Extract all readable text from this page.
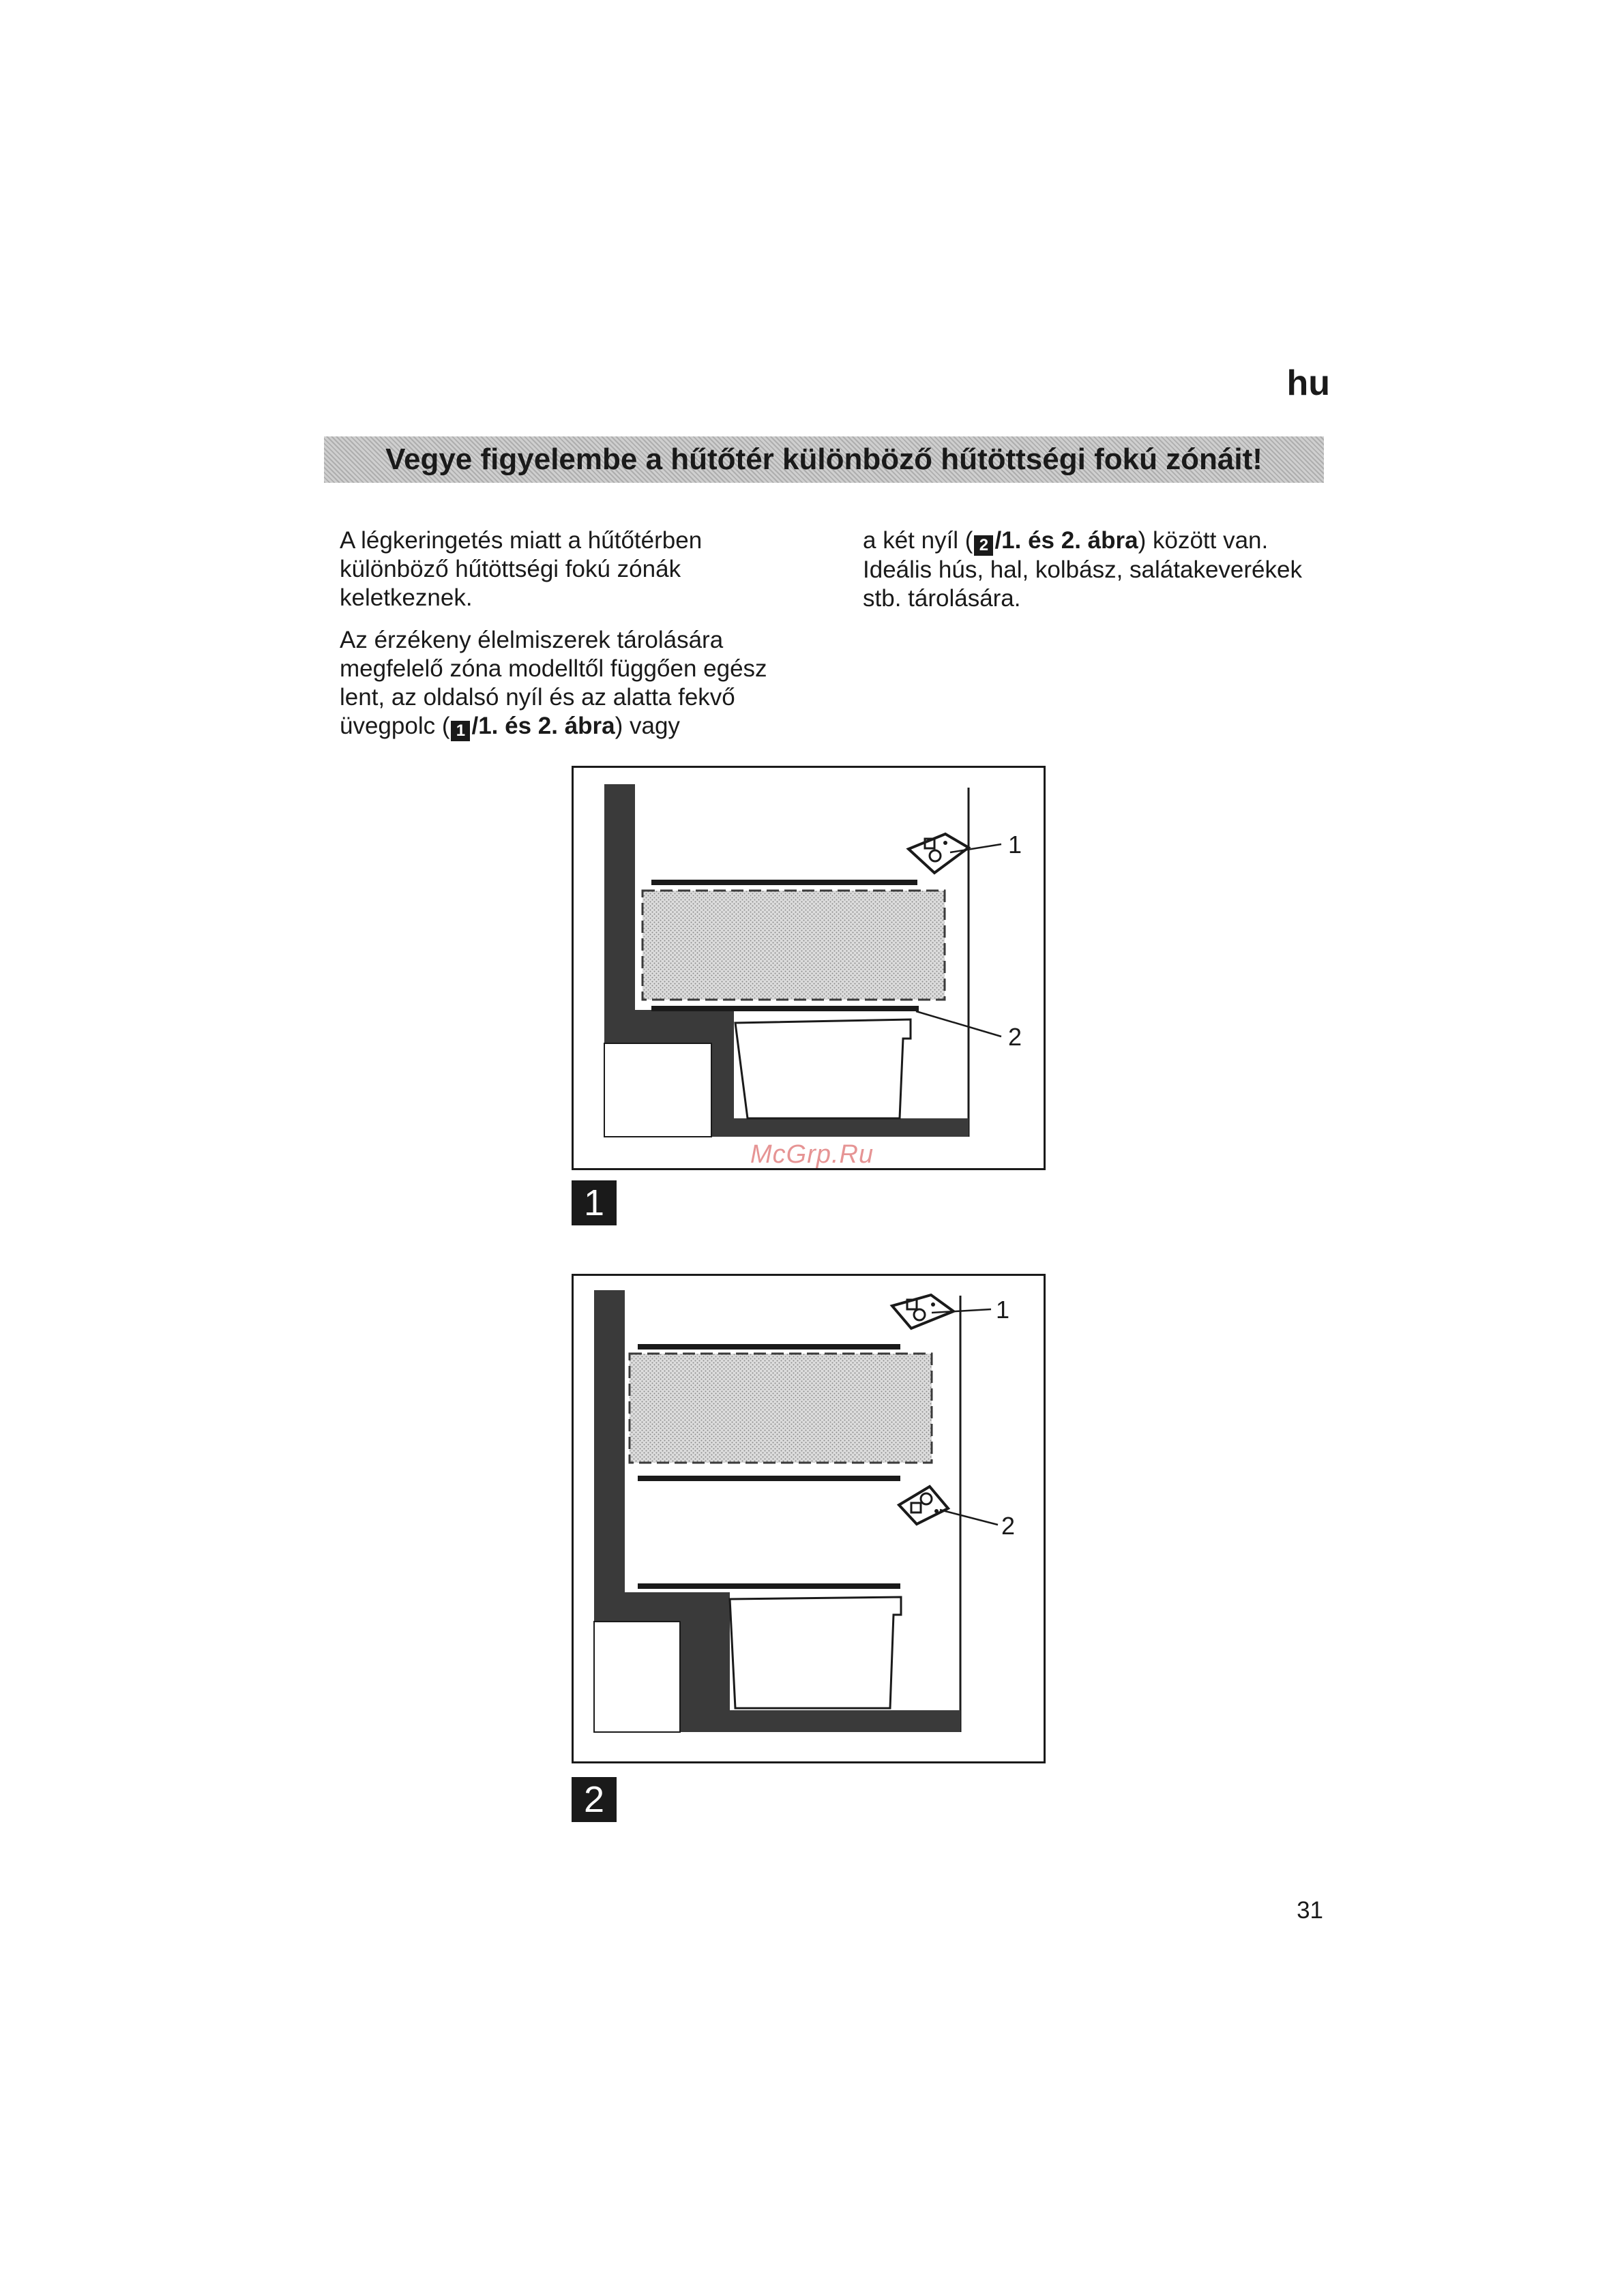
hu
Vegye figyelembe a hűtőtér különböző hűtöttségi fokú zónáit!

A légkeringetés miatt a hűtőtérben különböző hűtöttségi fokú zónák keletkeznek.

Az érzékeny élelmiszerek tárolására megfelelő zóna modelltől függően egész lent, az oldalsó nyíl és az alatta fekvő üvegpolc ( 1 /1. és 2. ábra) vagy

a két nyíl ( 2 /1. és 2. ábra) között van. Ideális hús, hal, kolbász, salátakeverékek stb. tárolására.

1
2
McGrp.Ru
1
1
2
2
31
